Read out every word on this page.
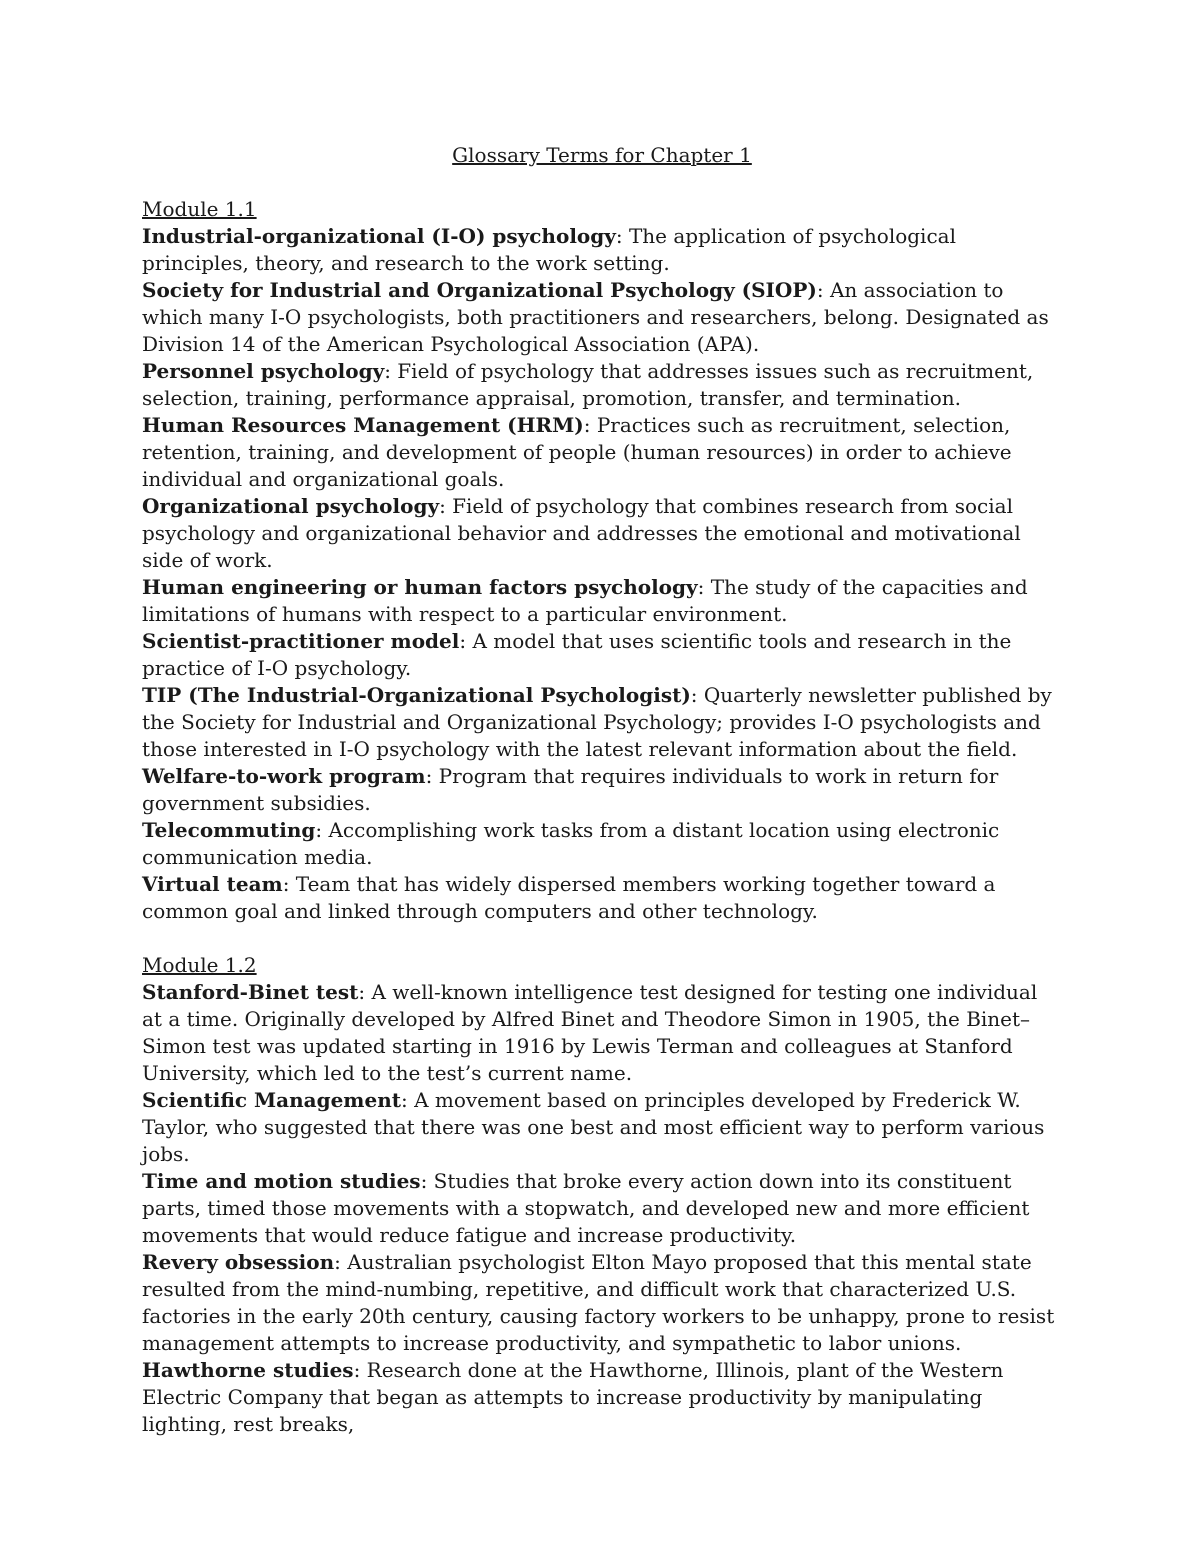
Glossary Terms for Chapter 1

Module 1.1

Industrial-organizational (I-O) psychology: The application of psychological principles, theory, and research to the work setting.

Society for Industrial and Organizational Psychology (SIOP): An association to which many I-O psychologists, both practitioners and researchers, belong. Designated as Division 14 of the American Psychological Association (APA).

Personnel psychology: Field of psychology that addresses issues such as recruitment, selection, training, performance appraisal, promotion, transfer, and termination.

Human Resources Management (HRM): Practices such as recruitment, selection, retention, training, and development of people (human resources) in order to achieve individual and organizational goals.

Organizational psychology: Field of psychology that combines research from social psychology and organizational behavior and addresses the emotional and motivational side of work.

Human engineering or human factors psychology: The study of the capacities and limitations of humans with respect to a particular environment.

Scientist-practitioner model: A model that uses scientific tools and research in the practice of I-O psychology.

TIP (The Industrial-Organizational Psychologist): Quarterly newsletter published by the Society for Industrial and Organizational Psychology; provides I-O psychologists and those interested in I-O psychology with the latest relevant information about the field.

Welfare-to-work program: Program that requires individuals to work in return for government subsidies.

Telecommuting: Accomplishing work tasks from a distant location using electronic communication media.

Virtual team: Team that has widely dispersed members working together toward a common goal and linked through computers and other technology.

Module 1.2

Stanford-Binet test: A well-known intelligence test designed for testing one individual at a time. Originally developed by Alfred Binet and Theodore Simon in 1905, the Binet–Simon test was updated starting in 1916 by Lewis Terman and colleagues at Stanford University, which led to the test’s current name.

Scientific Management: A movement based on principles developed by Frederick W. Taylor, who suggested that there was one best and most efficient way to perform various jobs.

Time and motion studies: Studies that broke every action down into its constituent parts, timed those movements with a stopwatch, and developed new and more efficient movements that would reduce fatigue and increase productivity.

Revery obsession: Australian psychologist Elton Mayo proposed that this mental state resulted from the mind-numbing, repetitive, and difficult work that characterized U.S. factories in the early 20th century, causing factory workers to be unhappy, prone to resist management attempts to increase productivity, and sympathetic to labor unions.

Hawthorne studies: Research done at the Hawthorne, Illinois, plant of the Western Electric Company that began as attempts to increase productivity by manipulating lighting, rest breaks,
